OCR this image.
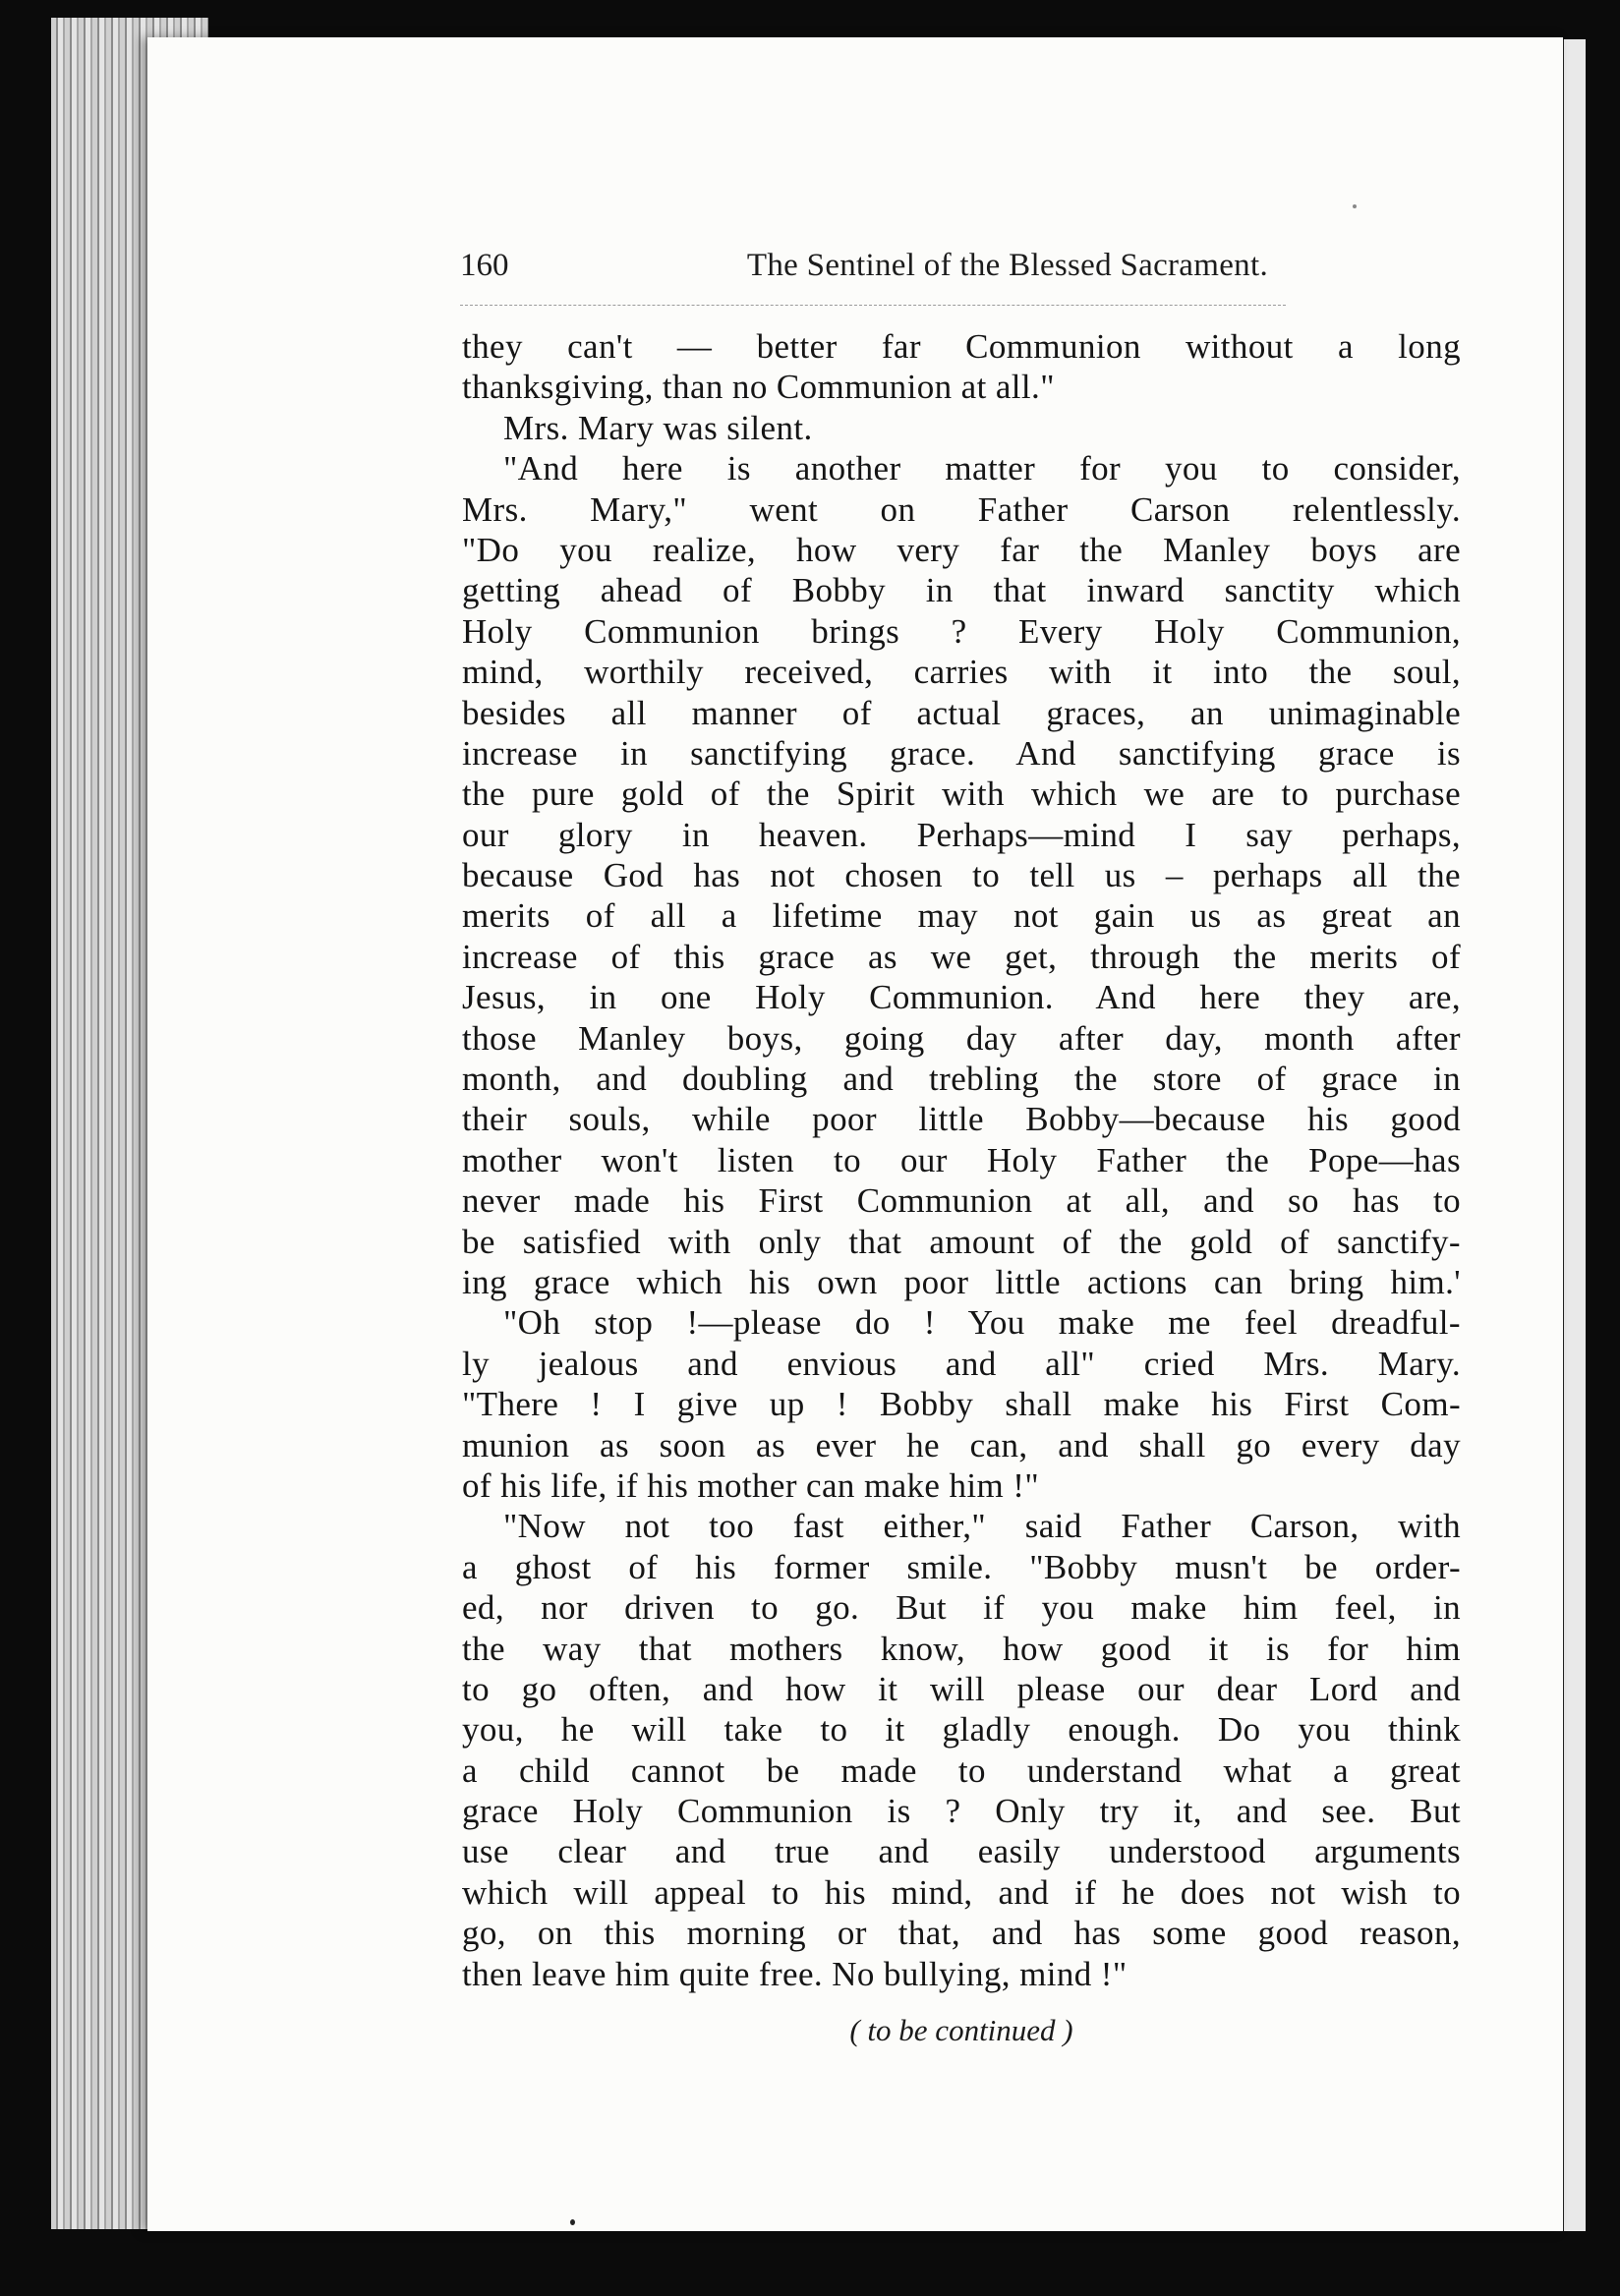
160	The Sentinel of the Blessed Sacrament.
they can't — better far Communion without a long
thanksgiving, than no Communion at all."
Mrs. Mary was silent.
"And here is another matter for you to consider,
Mrs. Mary," went on Father Carson relentlessly.
"Do you realize, how very far the Manley boys are
getting ahead of Bobby in that inward sanctity which
Holy Communion brings ? Every Holy Communion,
mind, worthily received, carries with it into the soul,
besides all manner of actual graces, an unimaginable
increase in sanctifying grace. And sanctifying grace is
the pure gold of the Spirit with which we are to purchase
our glory in heaven. Perhaps—mind I say perhaps,
because God has not chosen to tell us – perhaps all the
merits of all a lifetime may not gain us as great an
increase of this grace as we get, through the merits of
Jesus, in one Holy Communion. And here they are,
those Manley boys, going day after day, month after
month, and doubling and trebling the store of grace in
their souls, while poor little Bobby—because his good
mother won't listen to our Holy Father the Pope—has
never made his First Communion at all, and so has to
be satisfied with only that amount of the gold of sanctify-
ing grace which his own poor little actions can bring him.'
"Oh stop !—please do ! You make me feel dreadful-
ly jealous and envious and all" cried Mrs. Mary.
"There ! I give up ! Bobby shall make his First Com-
munion as soon as ever he can, and shall go every day
of his life, if his mother can make him !"
"Now not too fast either," said Father Carson, with
a ghost of his former smile. "Bobby musn't be order-
ed, nor driven to go. But if you make him feel, in
the way that mothers know, how good it is for him
to go often, and how it will please our dear Lord and
you, he will take to it gladly enough. Do you think
a child cannot be made to understand what a great
grace Holy Communion is ? Only try it, and see. But
use clear and true and easily understood arguments
which will appeal to his mind, and if he does not wish to
go, on this morning or that, and has some good reason,
then leave him quite free. No bullying, mind !"
( to be continued )
